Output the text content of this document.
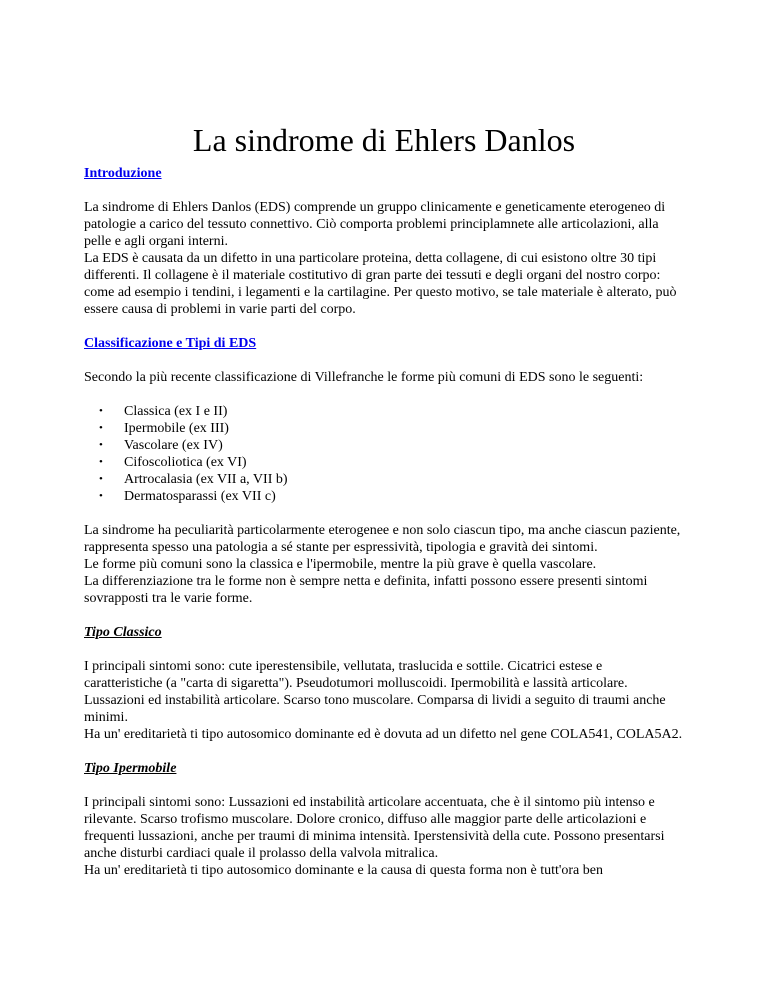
La sindrome di Ehlers Danlos
Introduzione

La sindrome di Ehlers Danlos (EDS) comprende un gruppo clinicamente e geneticamente eterogeneo di patologie a carico del tessuto connettivo. Ciò comporta problemi principlamnete alle articolazioni, alla pelle e agli organi interni.

La EDS è causata da un difetto in una particolare proteina, detta collagene, di cui esistono oltre 30 tipi differenti. Il collagene è il materiale costitutivo di gran parte dei tessuti e degli organi del nostro corpo: come ad esempio i tendini, i legamenti e la cartilagine. Per questo motivo, se tale materiale è alterato, può essere causa di problemi in varie parti del corpo.

Classificazione e Tipi di EDS

Secondo la più recente classificazione di Villefranche le forme più comuni di EDS sono le seguenti:

• Classica (ex I e II)
• Ipermobile (ex III)
• Vascolare (ex IV)
• Cifoscoliotica (ex VI)
• Artrocalasia (ex VII a, VII b)
• Dermatosparassi (ex VII c)

La sindrome ha peculiarità particolarmente eterogenee e non solo ciascun tipo, ma anche ciascun paziente, rappresenta spesso una patologia a sé stante per espressività, tipologia e gravità dei sintomi.

Le forme più comuni sono la classica e l'ipermobile, mentre la più grave è quella vascolare.

La differenziazione tra le forme non è sempre netta e definita, infatti possono essere presenti sintomi sovrapposti tra le varie forme.

Tipo Classico

I principali sintomi sono: cute iperestensibile, vellutata, traslucida e sottile. Cicatrici estese e caratteristiche (a "carta di sigaretta"). Pseudotumori molluscoidi. Ipermobilità e lassità articolare. Lussazioni ed instabilità articolare. Scarso tono muscolare. Comparsa di lividi a seguito di traumi anche minimi.

Ha un' ereditarietà ti tipo autosomico dominante ed è dovuta ad un difetto nel gene COLA541, COLA5A2.

Tipo Ipermobile

I principali sintomi sono: Lussazioni ed instabilità articolare accentuata, che è il sintomo più intenso e rilevante. Scarso trofismo muscolare. Dolore cronico, diffuso alle maggior parte delle articolazioni e frequenti lussazioni, anche per traumi di minima intensità. Iperstensività della cute. Possono presentarsi anche disturbi cardiaci quale il prolasso della valvola mitralica.

Ha un' ereditarietà ti tipo autosomico dominante e la causa di questa forma non è tutt'ora ben
